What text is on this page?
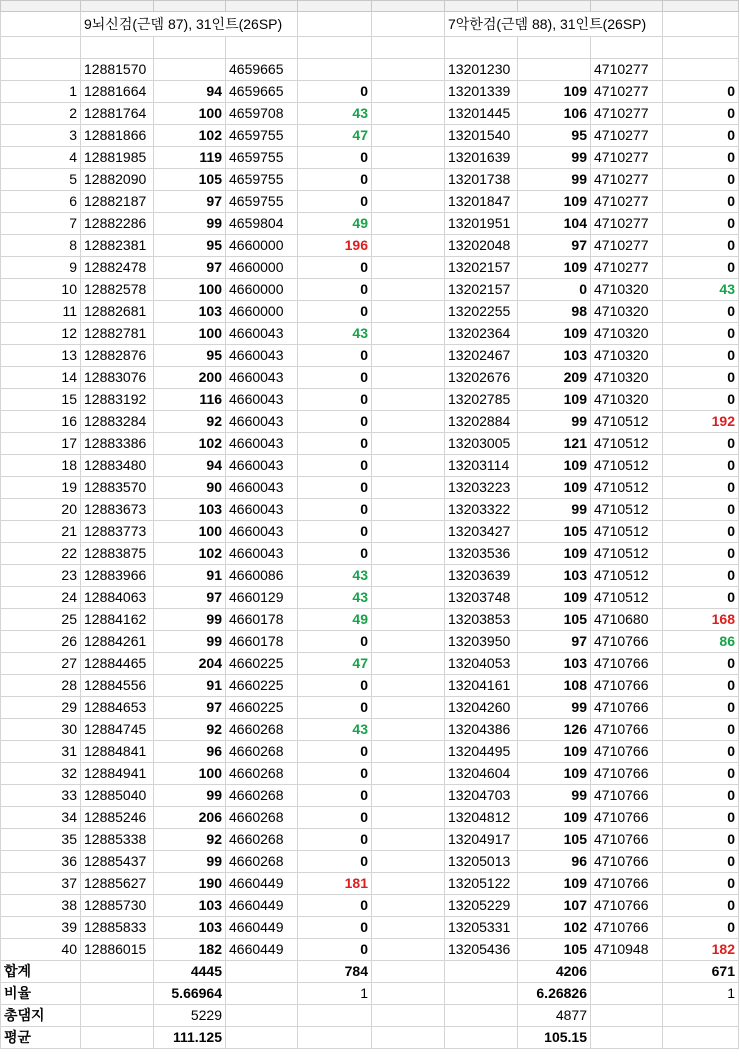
	9뇌신검(근뎀 87), 31인트(26SP)					7악한검(근뎀 88), 31인트(26SP)			

	12881570		4659665			13201230		4710277	
1	12881664	94	4659665	0		13201339	109	4710277	0
2	12881764	100	4659708	43		13201445	106	4710277	0
3	12881866	102	4659755	47		13201540	95	4710277	0
4	12881985	119	4659755	0		13201639	99	4710277	0
5	12882090	105	4659755	0		13201738	99	4710277	0
6	12882187	97	4659755	0		13201847	109	4710277	0
7	12882286	99	4659804	49		13201951	104	4710277	0
8	12882381	95	4660000	196		13202048	97	4710277	0
9	12882478	97	4660000	0		13202157	109	4710277	0
10	12882578	100	4660000	0		13202157	0	4710320	43
11	12882681	103	4660000	0		13202255	98	4710320	0
12	12882781	100	4660043	43		13202364	109	4710320	0
13	12882876	95	4660043	0		13202467	103	4710320	0
14	12883076	200	4660043	0		13202676	209	4710320	0
15	12883192	116	4660043	0		13202785	109	4710320	0
16	12883284	92	4660043	0		13202884	99	4710512	192
17	12883386	102	4660043	0		13203005	121	4710512	0
18	12883480	94	4660043	0		13203114	109	4710512	0
19	12883570	90	4660043	0		13203223	109	4710512	0
20	12883673	103	4660043	0		13203322	99	4710512	0
21	12883773	100	4660043	0		13203427	105	4710512	0
22	12883875	102	4660043	0		13203536	109	4710512	0
23	12883966	91	4660086	43		13203639	103	4710512	0
24	12884063	97	4660129	43		13203748	109	4710512	0
25	12884162	99	4660178	49		13203853	105	4710680	168
26	12884261	99	4660178	0		13203950	97	4710766	86
27	12884465	204	4660225	47		13204053	103	4710766	0
28	12884556	91	4660225	0		13204161	108	4710766	0
29	12884653	97	4660225	0		13204260	99	4710766	0
30	12884745	92	4660268	43		13204386	126	4710766	0
31	12884841	96	4660268	0		13204495	109	4710766	0
32	12884941	100	4660268	0		13204604	109	4710766	0
33	12885040	99	4660268	0		13204703	99	4710766	0
34	12885246	206	4660268	0		13204812	109	4710766	0
35	12885338	92	4660268	0		13204917	105	4710766	0
36	12885437	99	4660268	0		13205013	96	4710766	0
37	12885627	190	4660449	181		13205122	109	4710766	0
38	12885730	103	4660449	0		13205229	107	4710766	0
39	12885833	103	4660449	0		13205331	102	4710766	0
40	12886015	182	4660449	0		13205436	105	4710948	182
합계		4445		784			4206		671
비율		5.66964		1			6.26826		1
총댐지		5229					4877		
평균		111.125					105.15		
